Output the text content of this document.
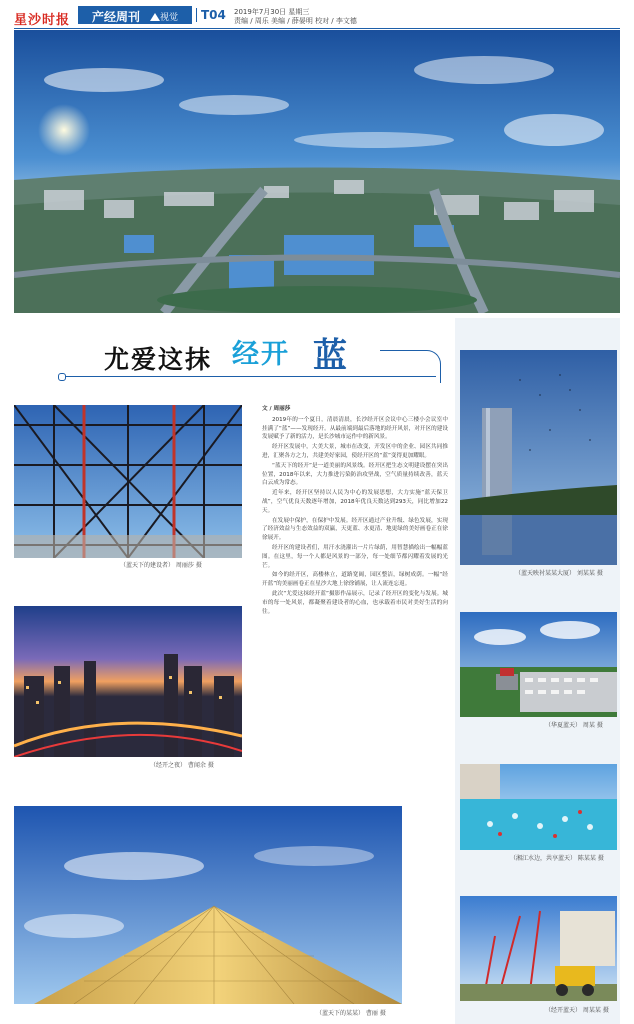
星沙时报 产经周刊 视觉	T04 2019年7月30日 星期三
责编 / 周乐 美编 / 薛晏明 校对 / 李文德
尤爱这抹 经开 蓝
（蓝天下的建设者） 周丽莎 摄
（经开之夜） 曹闻余 摄
（蓝天下的某某） 曹丽 摄
文 / 周丽莎

2019年的一个夏日，清晨清晨，长沙经开区会议中心三楼小会议室中挂满了“蓝”——发现经开。从最前端到最后落地的经开风景，对开区的建设发展赋予了新的活力，是长沙城市运作中的新风景。

经开区发展中，大美大景，城市在改变，开发区中的企业、园区共同推进，汇聚各方之力，共建美好家园，使经开区的“蓝”变得更加耀眼。

“蓝天下的经开”是一道美丽的风景线。经开区把生态文明建设摆在突出位置，2018年以来，大力推进污染防治攻坚战，空气质量持续改善，蓝天白云成为常态。

近年来，经开区坚持以人民为中心的发展思想，大力实施“蓝天保卫战”，空气优良天数逐年增加，2018年优良天数达到293天，同比增加22天。

在发展中保护，在保护中发展。经开区通过产业升级、绿色发展，实现了经济效益与生态效益的双赢，天更蓝、水更清、地更绿的美好画卷正在徐徐展开。

经开区的建设者们，用汗水浇灌出一片片绿荫，用智慧描绘出一幅幅蓝图。在这里，每一个人都是风景的一部分，每一处细节都闪耀着发展的光芒。

如今的经开区，高楼林立，道路宽阔，园区整洁，绿树成荫。一幅“经开蓝”的美丽画卷正在星沙大地上徐徐铺展，让人流连忘返。

此次“尤爱这抹经开蓝”摄影作品展示，记录了经开区的变化与发展。城市的每一处风景，都凝聚着建设者的心血，也承载着市民对美好生活的向往。

（蓝天映衬某某大厦） 刘某某 摄
（华夏蓝天） 周某 摄
（湘江水边，共享蓝天） 陈某某 摄
（经开蓝天） 周某某 摄
